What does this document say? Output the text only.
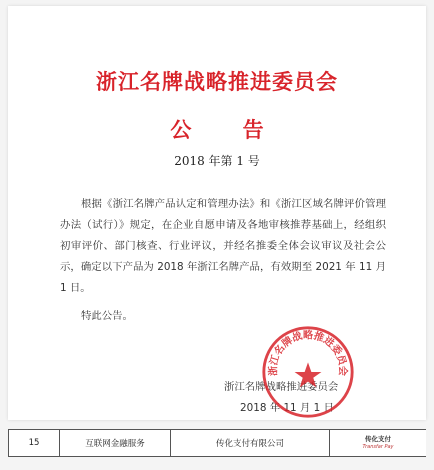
浙江名牌战略推进委员会
公 告
2018 年第 1 号
根据《浙江名牌产品认定和管理办法》和《浙江区域名牌评价管理办法（试行）》规定，在企业自愿申请及各地审核推荐基础上，经组织初审评价、部门核查、行业评议，并经名推委全体会议审议及社会公示，确定以下产品为 2018 年浙江名牌产品，有效期至 2021 年 11 月 1 日。
特此公告。
浙江名牌战略推进委员会
2018 年 11 月 1 日
浙江名牌战略推进委员会
15	互联网金融服务	传化支付有限公司	传化支付
Transfar Pay
